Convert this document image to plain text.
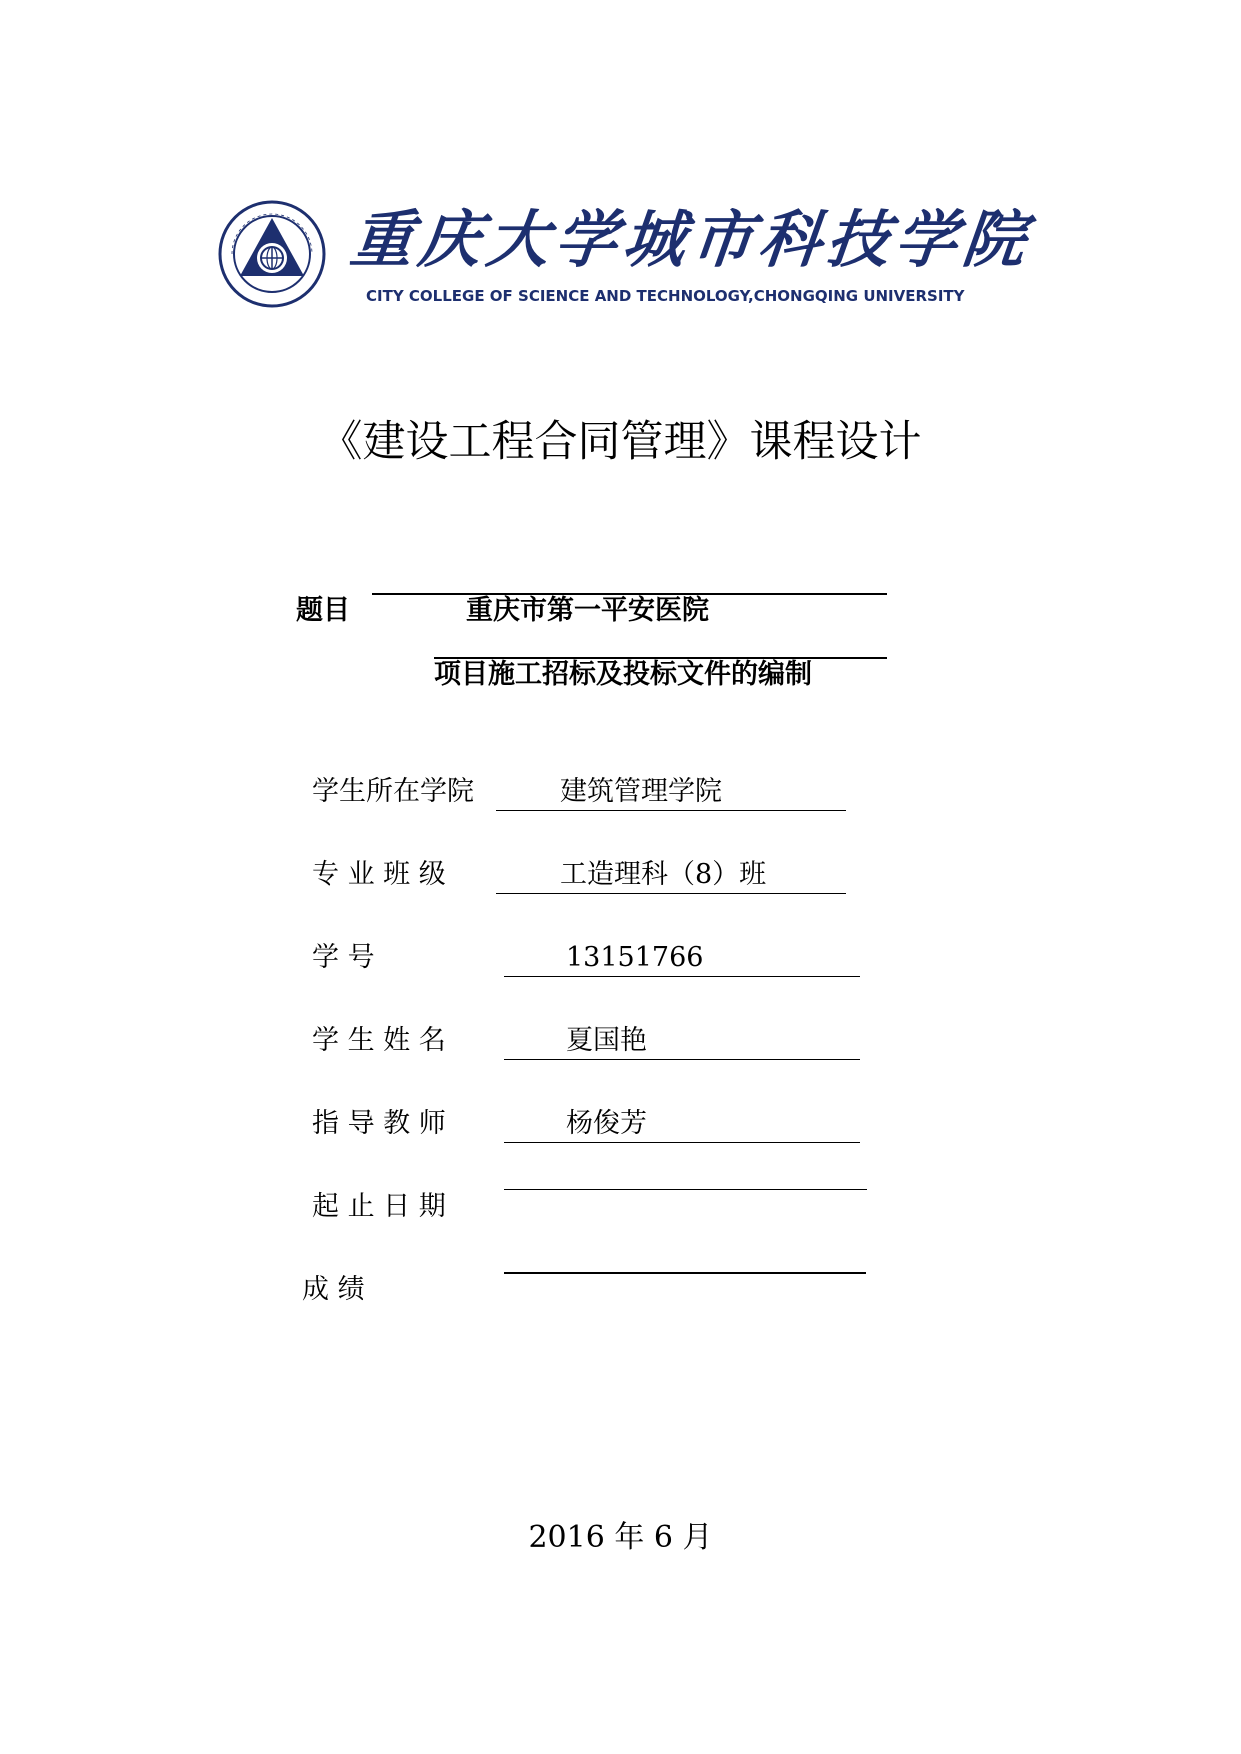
重庆大学城市科技学院
CITY COLLEGE OF SCIENCE AND TECHNOLOGY,CHONGQING UNIVERSITY
《建设工程合同管理》课程设计
题目	重庆市第一平安医院
项目施工招标及投标文件的编制
学生所在学院	建筑管理学院
专 业 班 级	工造理科（8）班
学 号	13151766
学 生 姓 名	夏国艳
指 导 教 师	杨俊芳
起 止 日 期
成 绩
2016 年 6 月
